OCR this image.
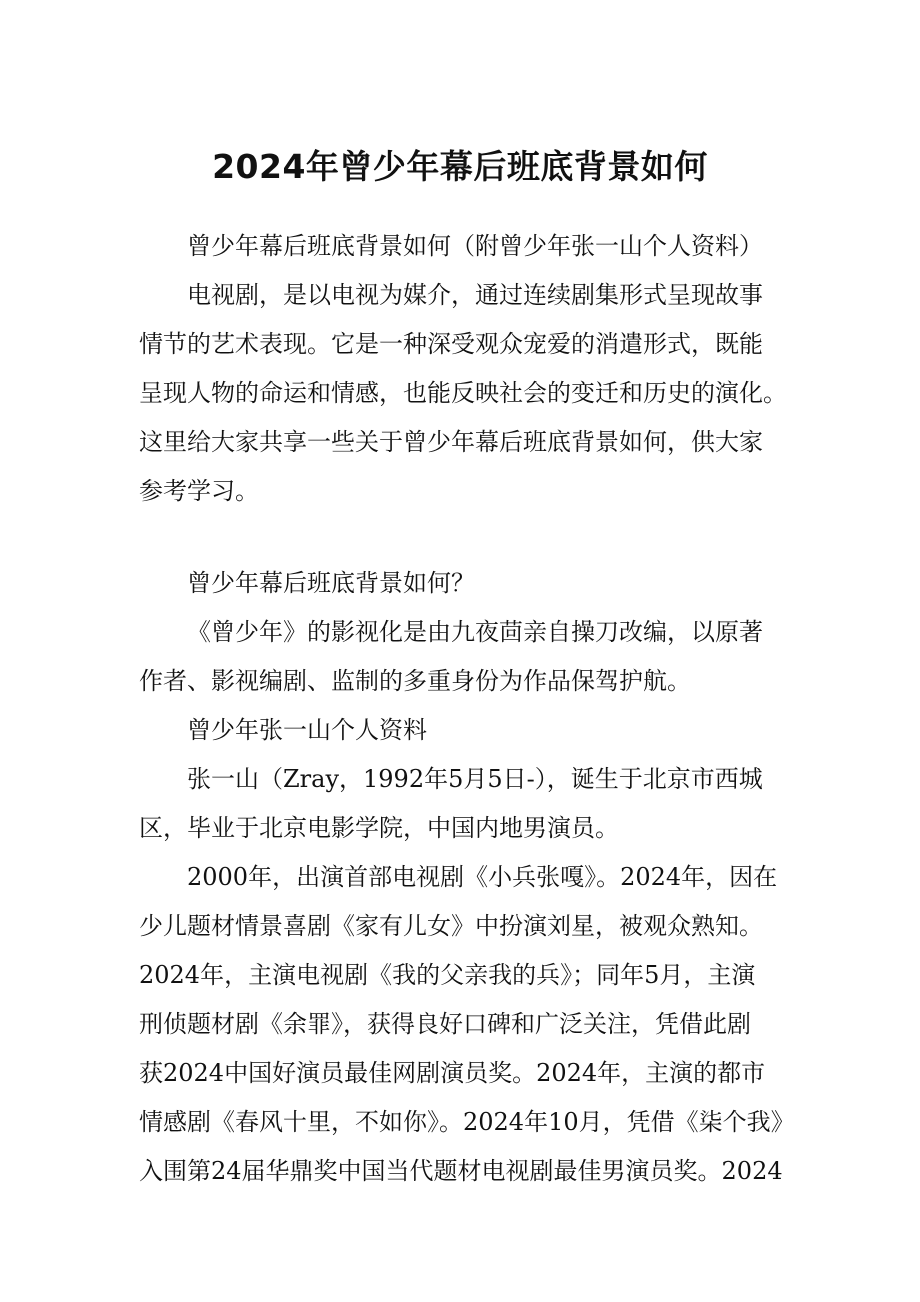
2024年曾少年幕后班底背景如何
曾少年幕后班底背景如何（附曾少年张一山个人资料）
电视剧，是以电视为媒介，通过连续剧集形式呈现故事
情节的艺术表现。它是一种深受观众宠爱的消遣形式，既能
呈现人物的命运和情感，也能反映社会的变迁和历史的演化。
这里给大家共享一些关于曾少年幕后班底背景如何，供大家
参考学习。
曾少年幕后班底背景如何？
《曾少年》的影视化是由九夜茴亲自操刀改编，以原著
作者、影视编剧、监制的多重身份为作品保驾护航。
曾少年张一山个人资料
张一山（Zray，1992年5月5日-），诞生于北京市西城
区，毕业于北京电影学院，中国内地男演员。
2000年，出演首部电视剧《小兵张嘎》。2024年，因在
少儿题材情景喜剧《家有儿女》中扮演刘星，被观众熟知。
2024年，主演电视剧《我的父亲我的兵》；同年5月，主演
刑侦题材剧《余罪》，获得良好口碑和广泛关注，凭借此剧
获2024中国好演员最佳网剧演员奖。2024年，主演的都市
情感剧《春风十里，不如你》。2024年10月，凭借《柒个我》
入围第24届华鼎奖中国当代题材电视剧最佳男演员奖。2024
